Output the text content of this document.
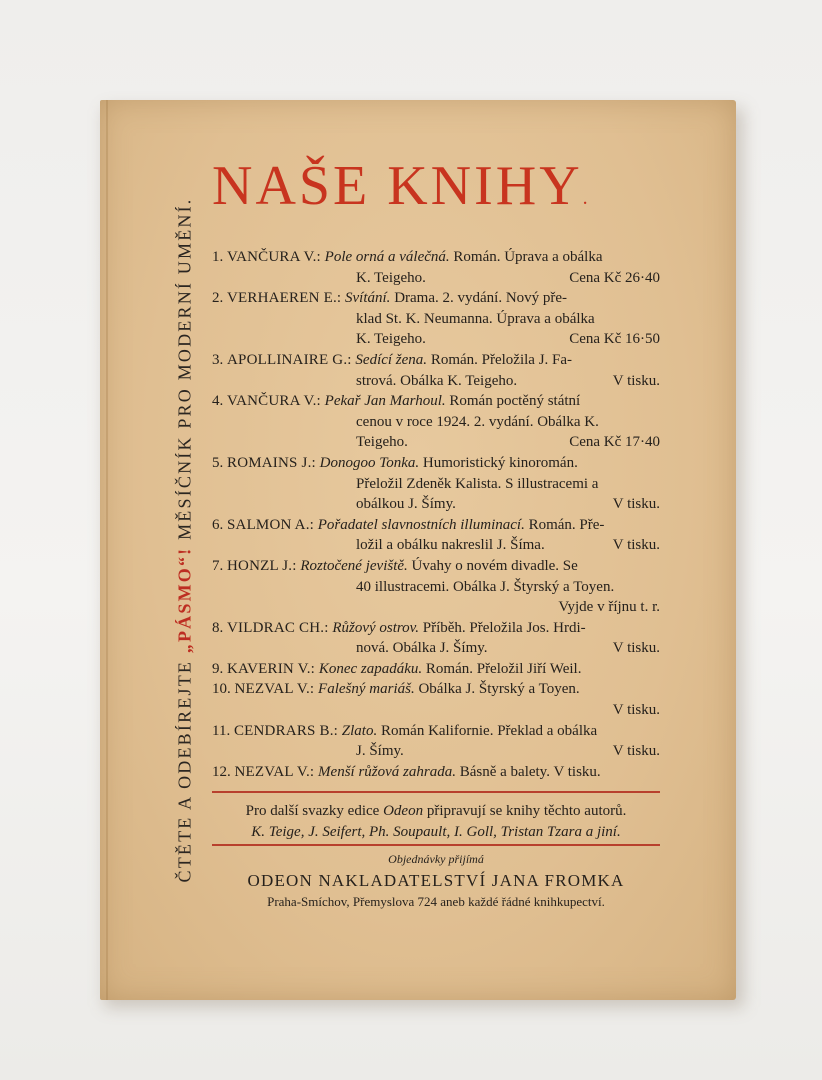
ČTĚTE A ODEBÍREJTE „PÁSMO“! MĚSÍČNÍK PRO MODERNÍ UMĚNÍ.
NAŠE KNIHY.
1. VANČURA V.: Pole orná a válečná. Román. Úprava a obálka
K. Teigeho.	Cena Kč 26·40
2. VERHAEREN E.: Svítání. Drama. 2. vydání. Nový pře-
klad St. K. Neumanna. Úprava a obálka
K. Teigeho.	Cena Kč 16·50
3. APOLLINAIRE G.: Sedící žena. Román. Přeložila J. Fa-
strová. Obálka K. Teigeho.	V tisku.
4. VANČURA V.: Pekař Jan Marhoul. Román poctěný státní
cenou v roce 1924. 2. vydání. Obálka K.
Teigeho.	Cena Kč 17·40
5. ROMAINS J.: Donogoo Tonka. Humoristický kinoromán.
Přeložil Zdeněk Kalista. S illustracemi a
obálkou J. Šímy.	V tisku.
6. SALMON A.: Pořadatel slavnostních illuminací. Román. Pře-
ložil a obálku nakreslil J. Šíma.	V tisku.
7. HONZL J.: Roztočené jeviště. Úvahy o novém divadle. Se
40 illustracemi. Obálka J. Štyrský a Toyen.
Vyjde v říjnu t. r.
8. VILDRAC CH.: Růžový ostrov. Příběh. Přeložila Jos. Hrdi-
nová. Obálka J. Šímy.	V tisku.
9. KAVERIN V.: Konec zapadáku. Román. Přeložil Jiří Weil.
10. NEZVAL V.: Falešný mariáš. Obálka J. Štyrský a Toyen.
V tisku.
11. CENDRARS B.: Zlato. Román Kalifornie. Překlad a obálka
J. Šímy.	V tisku.
12. NEZVAL V.: Menší růžová zahrada. Básně a balety. V tisku.
Pro další svazky edice Odeon připravují se knihy těchto autorů.
K. Teige, J. Seifert, Ph. Soupault, I. Goll, Tristan Tzara a jiní.
Objednávky přijímá
ODEON NAKLADATELSTVÍ JANA FROMKA
Praha-Smíchov, Přemyslova 724 aneb každé řádné knihkupectví.
